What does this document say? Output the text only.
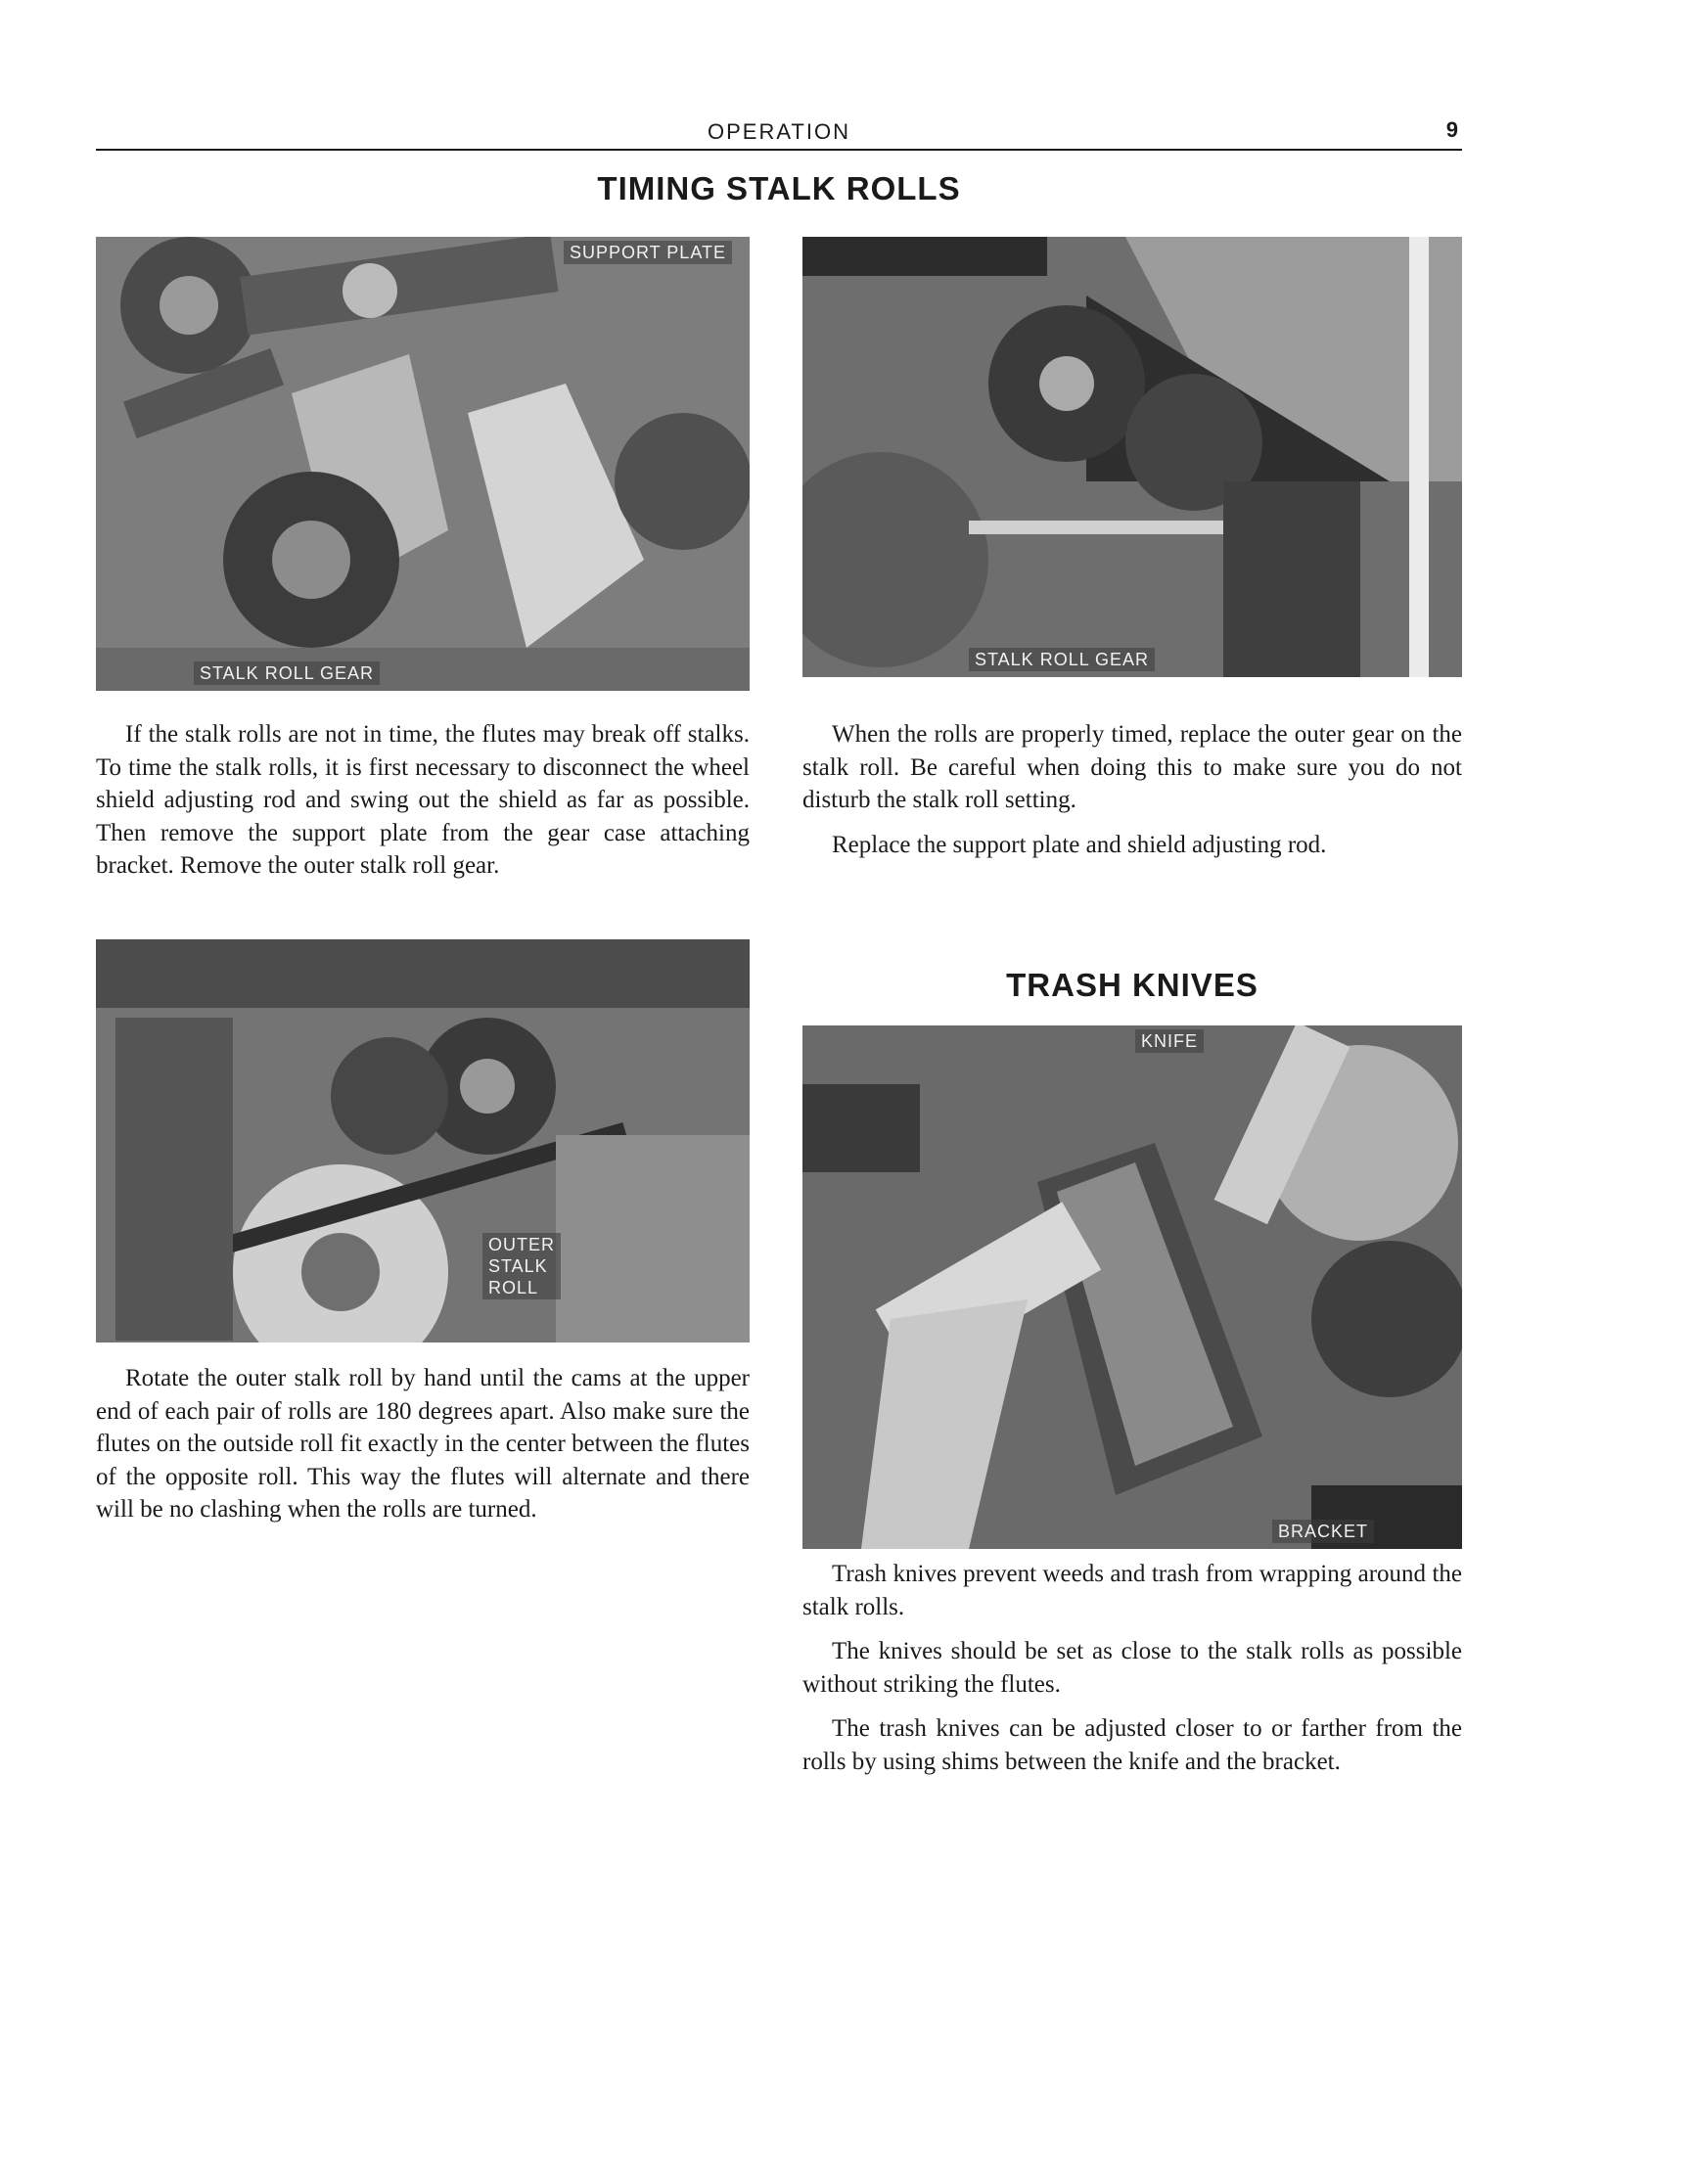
OPERATION	9
TIMING STALK ROLLS
SUPPORT PLATE
STALK ROLL GEAR
STALK ROLL GEAR

If the stalk rolls are not in time, the flutes may break off stalks. To time the stalk rolls, it is first necessary to disconnect the wheel shield adjusting rod and swing out the shield as far as possible. Then remove the support plate from the gear case attaching bracket. Remove the outer stalk roll gear.

When the rolls are properly timed, replace the outer gear on the stalk roll. Be careful when doing this to make sure you do not disturb the stalk roll setting.

Replace the support plate and shield adjusting rod.

OUTER
STALK
ROLL
TRASH KNIVES
KNIFE
BRACKET

Rotate the outer stalk roll by hand until the cams at the upper end of each pair of rolls are 180 degrees apart. Also make sure the flutes on the outside roll fit exactly in the center between the flutes of the opposite roll. This way the flutes will alternate and there will be no clashing when the rolls are turned.

Trash knives prevent weeds and trash from wrapping around the stalk rolls.

The knives should be set as close to the stalk rolls as possible without striking the flutes.

The trash knives can be adjusted closer to or farther from the rolls by using shims between the knife and the bracket.
